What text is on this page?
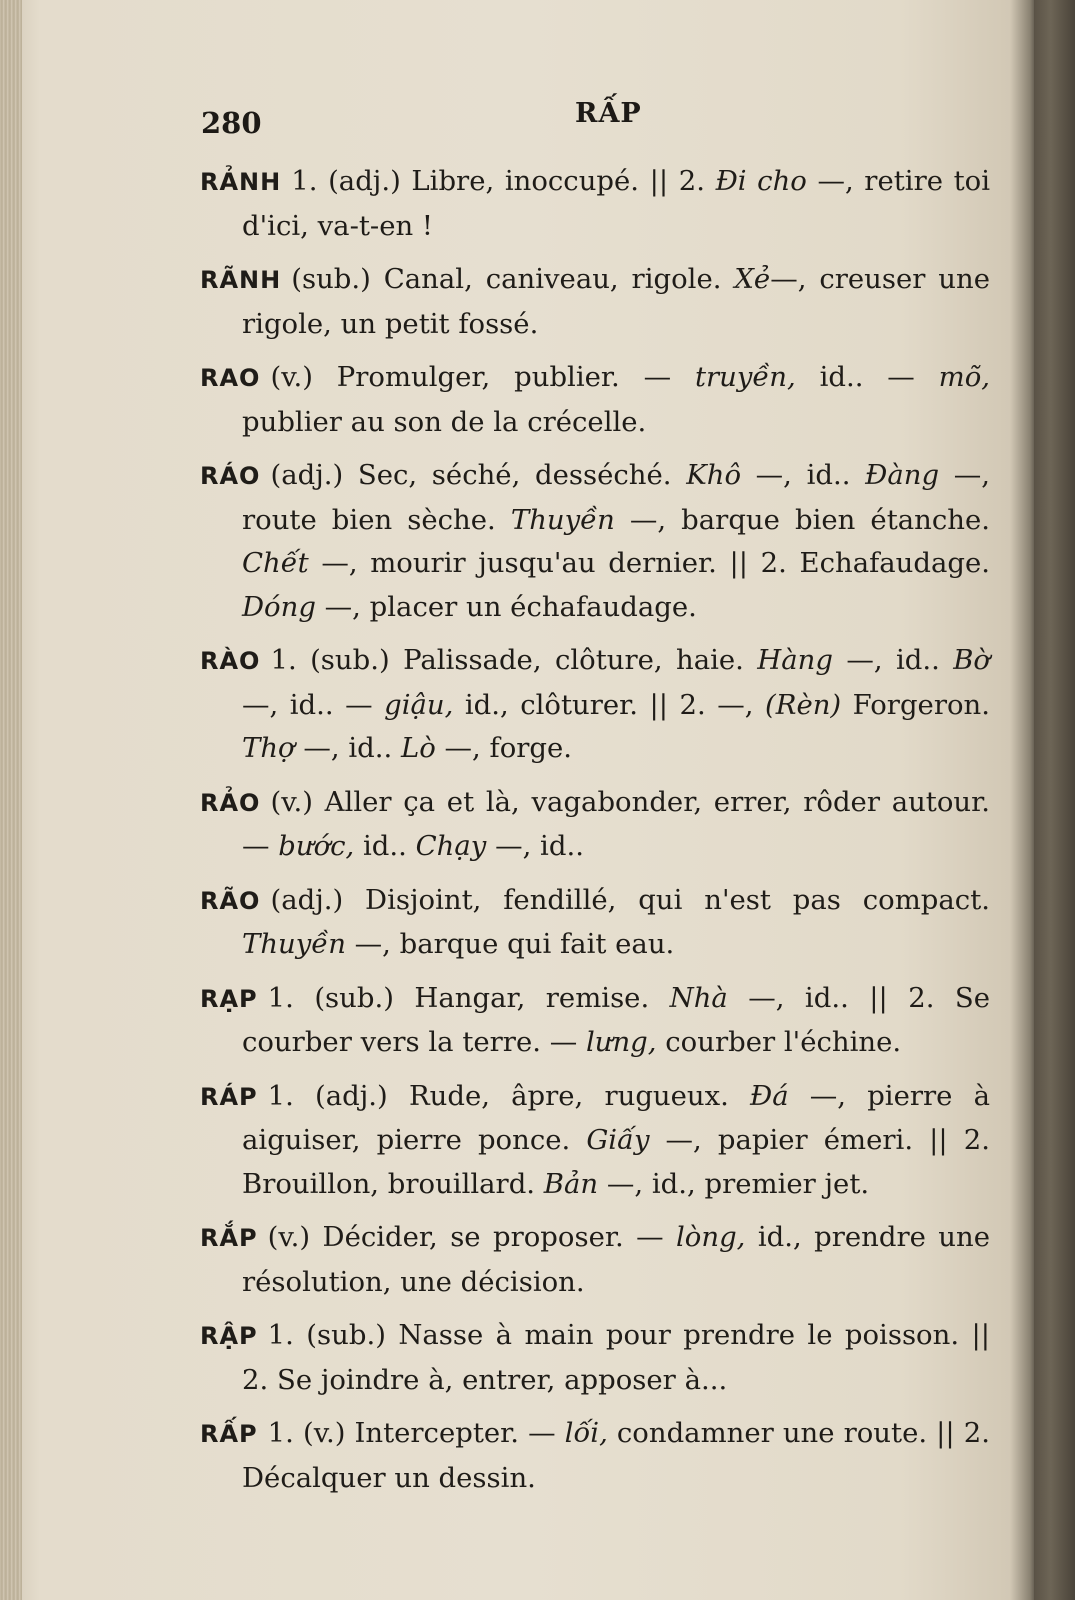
280	RẤP

RẢNH 1. (adj.) Libre, inoccupé. || 2. Đi cho —, retire toi d'ici, va-t-en !

RÃNH (sub.) Canal, caniveau, rigole. Xẻ—, creuser une rigole, un petit fossé.

RAO (v.) Promulger, publier. — truyền, id.. — mõ, publier au son de la crécelle.

RÁO (adj.) Sec, séché, desséché. Khô —, id.. Đàng —, route bien sèche. Thuyền —, barque bien étanche. Chết —, mourir jusqu'au dernier. || 2. Echafaudage. Dóng —, placer un échafaudage.

RÀO 1. (sub.) Palissade, clôture, haie. Hàng —, id.. Bờ —, id.. — giậu, id., clôturer. || 2. —, (Rèn) Forgeron. Thợ —, id.. Lò —, forge.

RẢO (v.) Aller ça et là, vagabonder, errer, rôder autour. — bước, id.. Chạy —, id..

RÃO (adj.) Disjoint, fendillé, qui n'est pas compact. Thuyền —, barque qui fait eau.

RẠP 1. (sub.) Hangar, remise. Nhà —, id.. || 2. Se courber vers la terre. — lưng, courber l'échine.

RÁP 1. (adj.) Rude, âpre, rugueux. Đá —, pierre à aiguiser, pierre ponce. Giấy —, papier émeri. || 2. Brouillon, brouillard. Bản —, id., premier jet.

RẮP (v.) Décider, se proposer. — lòng, id., prendre une résolution, une décision.

RẬP 1. (sub.) Nasse à main pour prendre le poisson. || 2. Se joindre à, entrer, apposer à...

RẤP 1. (v.) Intercepter. — lối, condamner une route. || 2. Décalquer un dessin.
